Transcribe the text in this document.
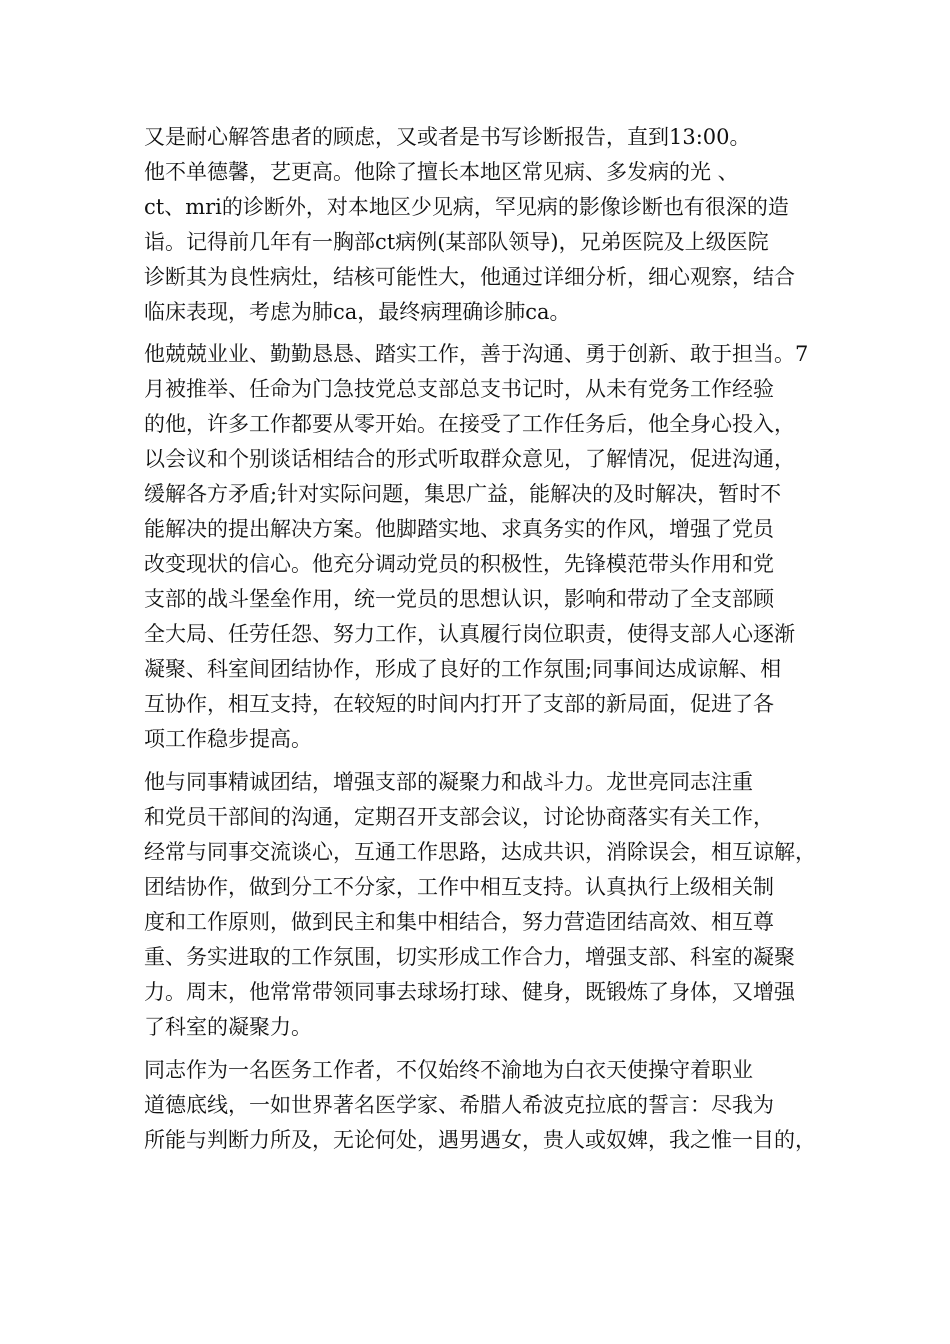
又是耐心解答患者的顾虑，又或者是书写诊断报告，直到13:00。

他不单德馨，艺更高。他除了擅长本地区常见病、多发病的光 、

ct、mri的诊断外，对本地区少见病，罕见病的影像诊断也有很深的造

诣。记得前几年有一胸部ct病例(某部队领导)，兄弟医院及上级医院

诊断其为良性病灶，结核可能性大，他通过详细分析，细心观察，结合

临床表现，考虑为肺ca，最终病理确诊肺ca。

他兢兢业业、勤勤恳恳、踏实工作，善于沟通、勇于创新、敢于担当。7

月被推举、任命为门急技党总支部总支书记时，从未有党务工作经验

的他，许多工作都要从零开始。在接受了工作任务后，他全身心投入，

以会议和个别谈话相结合的形式听取群众意见，了解情况，促进沟通，

缓解各方矛盾;针对实际问题，集思广益，能解决的及时解决，暂时不

能解决的提出解决方案。他脚踏实地、求真务实的作风，增强了党员

改变现状的信心。他充分调动党员的积极性，先锋模范带头作用和党

支部的战斗堡垒作用，统一党员的思想认识，影响和带动了全支部顾

全大局、任劳任怨、努力工作，认真履行岗位职责，使得支部人心逐渐

凝聚、科室间团结协作，形成了良好的工作氛围;同事间达成谅解、相

互协作，相互支持，在较短的时间内打开了支部的新局面，促进了各

项工作稳步提高。

他与同事精诚团结，增强支部的凝聚力和战斗力。龙世亮同志注重

和党员干部间的沟通，定期召开支部会议，讨论协商落实有关工作，

经常与同事交流谈心，互通工作思路，达成共识，消除误会，相互谅解，

团结协作，做到分工不分家，工作中相互支持。认真执行上级相关制

度和工作原则，做到民主和集中相结合，努力营造团结高效、相互尊

重、务实进取的工作氛围，切实形成工作合力，增强支部、科室的凝聚

力。周末，他常常带领同事去球场打球、健身，既锻炼了身体，又增强

了科室的凝聚力。

同志作为一名医务工作者，不仅始终不渝地为白衣天使操守着职业

道德底线，一如世界著名医学家、希腊人希波克拉底的誓言：尽我为

所能与判断力所及，无论何处，遇男遇女，贵人或奴婢，我之惟一目的，
